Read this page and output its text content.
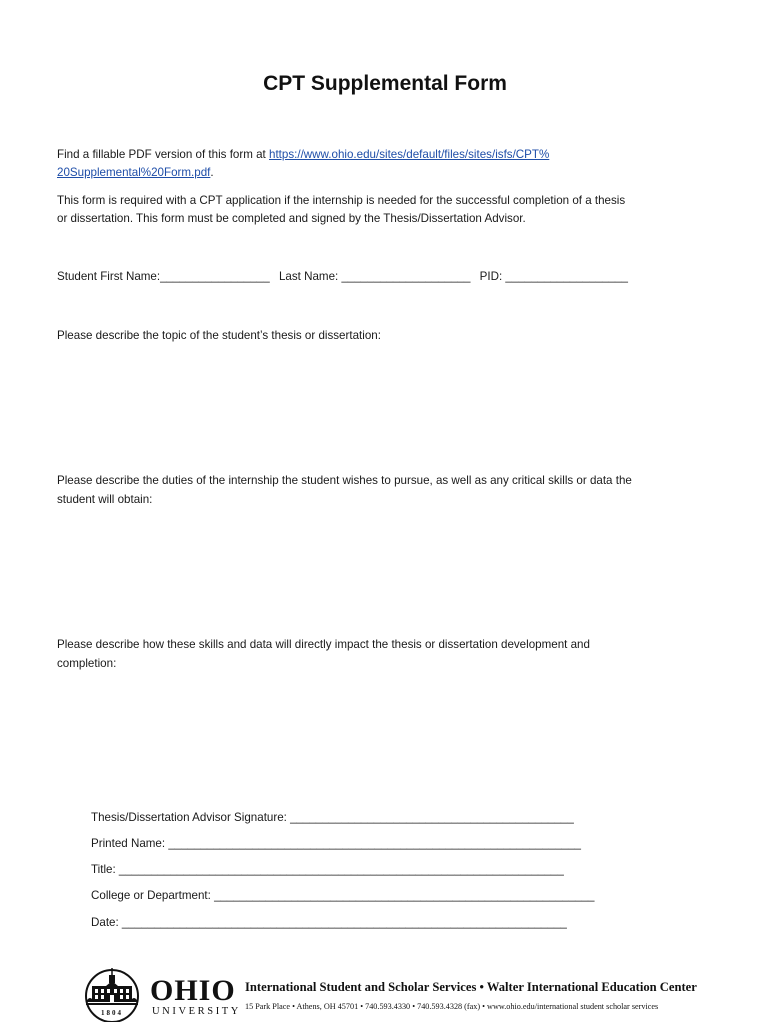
CPT Supplemental Form
Find a fillable PDF version of this form at https://www.ohio.edu/sites/default/files/sites/isfs/CPT%
20Supplemental%20Form.pdf.
This form is required with a CPT application if the internship is needed for the successful completion of a thesis
or dissertation. This form must be completed and signed by the Thesis/Dissertation Advisor.
Student First Name:_________________ Last Name: ____________________ PID: ___________________
Please describe the topic of the student’s thesis or dissertation:
Please describe the duties of the internship the student wishes to pursue, as well as any critical skills or data the
student will obtain:
Please describe how these skills and data will directly impact the thesis or dissertation development and
completion:
Thesis/Dissertation Advisor Signature: ____________________________________________
Printed Name: ________________________________________________________________
Title: _____________________________________________________________________
College or Department: ___________________________________________________________
Date: _____________________________________________________________________
1804
OHIO
UNIVERSITY
International Student and Scholar Services • Walter International Education Center
15 Park Place • Athens, OH 45701 • 740.593.4330 • 740.593.4328 (fax) • www.ohio.edu/international student scholar services
